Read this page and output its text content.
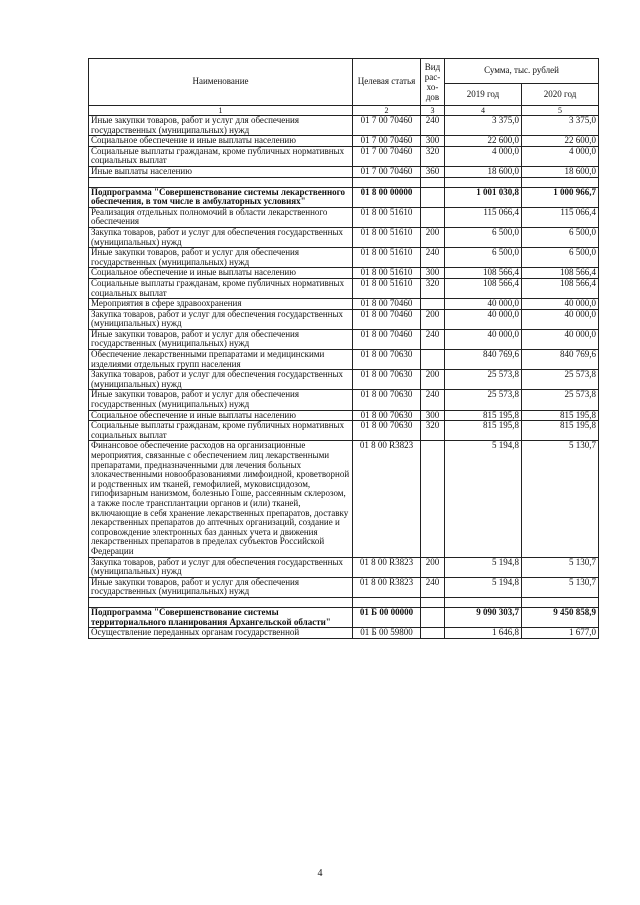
Наименование	Целевая статья	Вид
рас-
хо-
дов	Сумма, тыс. рублей	
			2019 год	2020 год
1	2	3	4	5
Иные закупки товаров, работ и услуг для обеспечения государственных (муниципальных) нужд	01 7 00 70460	240	3 375,0	3 375,0
Социальное обеспечение и иные выплаты населению	01 7 00 70460	300	22 600,0	22 600,0
Социальные выплаты гражданам, кроме публичных нормативных социальных выплат	01 7 00 70460	320	4 000,0	4 000,0
Иные выплаты населению	01 7 00 70460	360	18 600,0	18 600,0

Подпрограмма "Совершенствование системы лекарственного обеспечения, в том числе в амбулаторных условиях"	01 8 00 00000		1 001 030,8	1 000 966,7
Реализация отдельных полномочий в области лекарственного обеспечения	01 8 00 51610		115 066,4	115 066,4
Закупка товаров, работ и услуг для обеспечения государственных (муниципальных) нужд	01 8 00 51610	200	6 500,0	6 500,0
Иные закупки товаров, работ и услуг для обеспечения государственных (муниципальных) нужд	01 8 00 51610	240	6 500,0	6 500,0
Социальное обеспечение и иные выплаты населению	01 8 00 51610	300	108 566,4	108 566,4
Социальные выплаты гражданам, кроме публичных нормативных социальных выплат	01 8 00 51610	320	108 566,4	108 566,4
Мероприятия в сфере здравоохранения	01 8 00 70460		40 000,0	40 000,0
Закупка товаров, работ и услуг для обеспечения государственных (муниципальных) нужд	01 8 00 70460	200	40 000,0	40 000,0
Иные закупки товаров, работ и услуг для обеспечения государственных (муниципальных) нужд	01 8 00 70460	240	40 000,0	40 000,0
Обеспечение лекарственными препаратами и медицинскими изделиями отдельных групп населения	01 8 00 70630		840 769,6	840 769,6
Закупка товаров, работ и услуг для обеспечения государственных (муниципальных) нужд	01 8 00 70630	200	25 573,8	25 573,8
Иные закупки товаров, работ и услуг для обеспечения государственных (муниципальных) нужд	01 8 00 70630	240	25 573,8	25 573,8
Социальное обеспечение и иные выплаты населению	01 8 00 70630	300	815 195,8	815 195,8
Социальные выплаты гражданам, кроме публичных нормативных социальных выплат	01 8 00 70630	320	815 195,8	815 195,8
Финансовое обеспечение расходов на организационные мероприятия, связанные с обеспечением лиц лекарственными препаратами, предназначенными для лечения больных злокачественными новообразованиями лимфоидной, кроветворной и родственных им тканей, гемофилией, муковисцидозом, гипофизарным нанизмом, болезнью Гоше, рассеянным склерозом, а также после трансплантации органов и (или) тканей, включающие в себя хранение лекарственных препаратов, доставку лекарственных препаратов до аптечных организаций, создание и сопровождение электронных баз данных учета и движения лекарственных препаратов в пределах субъектов Российской Федерации	01 8 00 R3823		5 194,8	5 130,7
Закупка товаров, работ и услуг для обеспечения государственных (муниципальных) нужд	01 8 00 R3823	200	5 194,8	5 130,7
Иные закупки товаров, работ и услуг для обеспечения государственных (муниципальных) нужд	01 8 00 R3823	240	5 194,8	5 130,7

Подпрограмма "Совершенствование системы территориального планирования Архангельской области"	01 Б 00 00000		9 090 303,7	9 450 858,9
Осуществление переданных органам государственной	01 Б 00 59800		1 646,8	1 677,0
4
